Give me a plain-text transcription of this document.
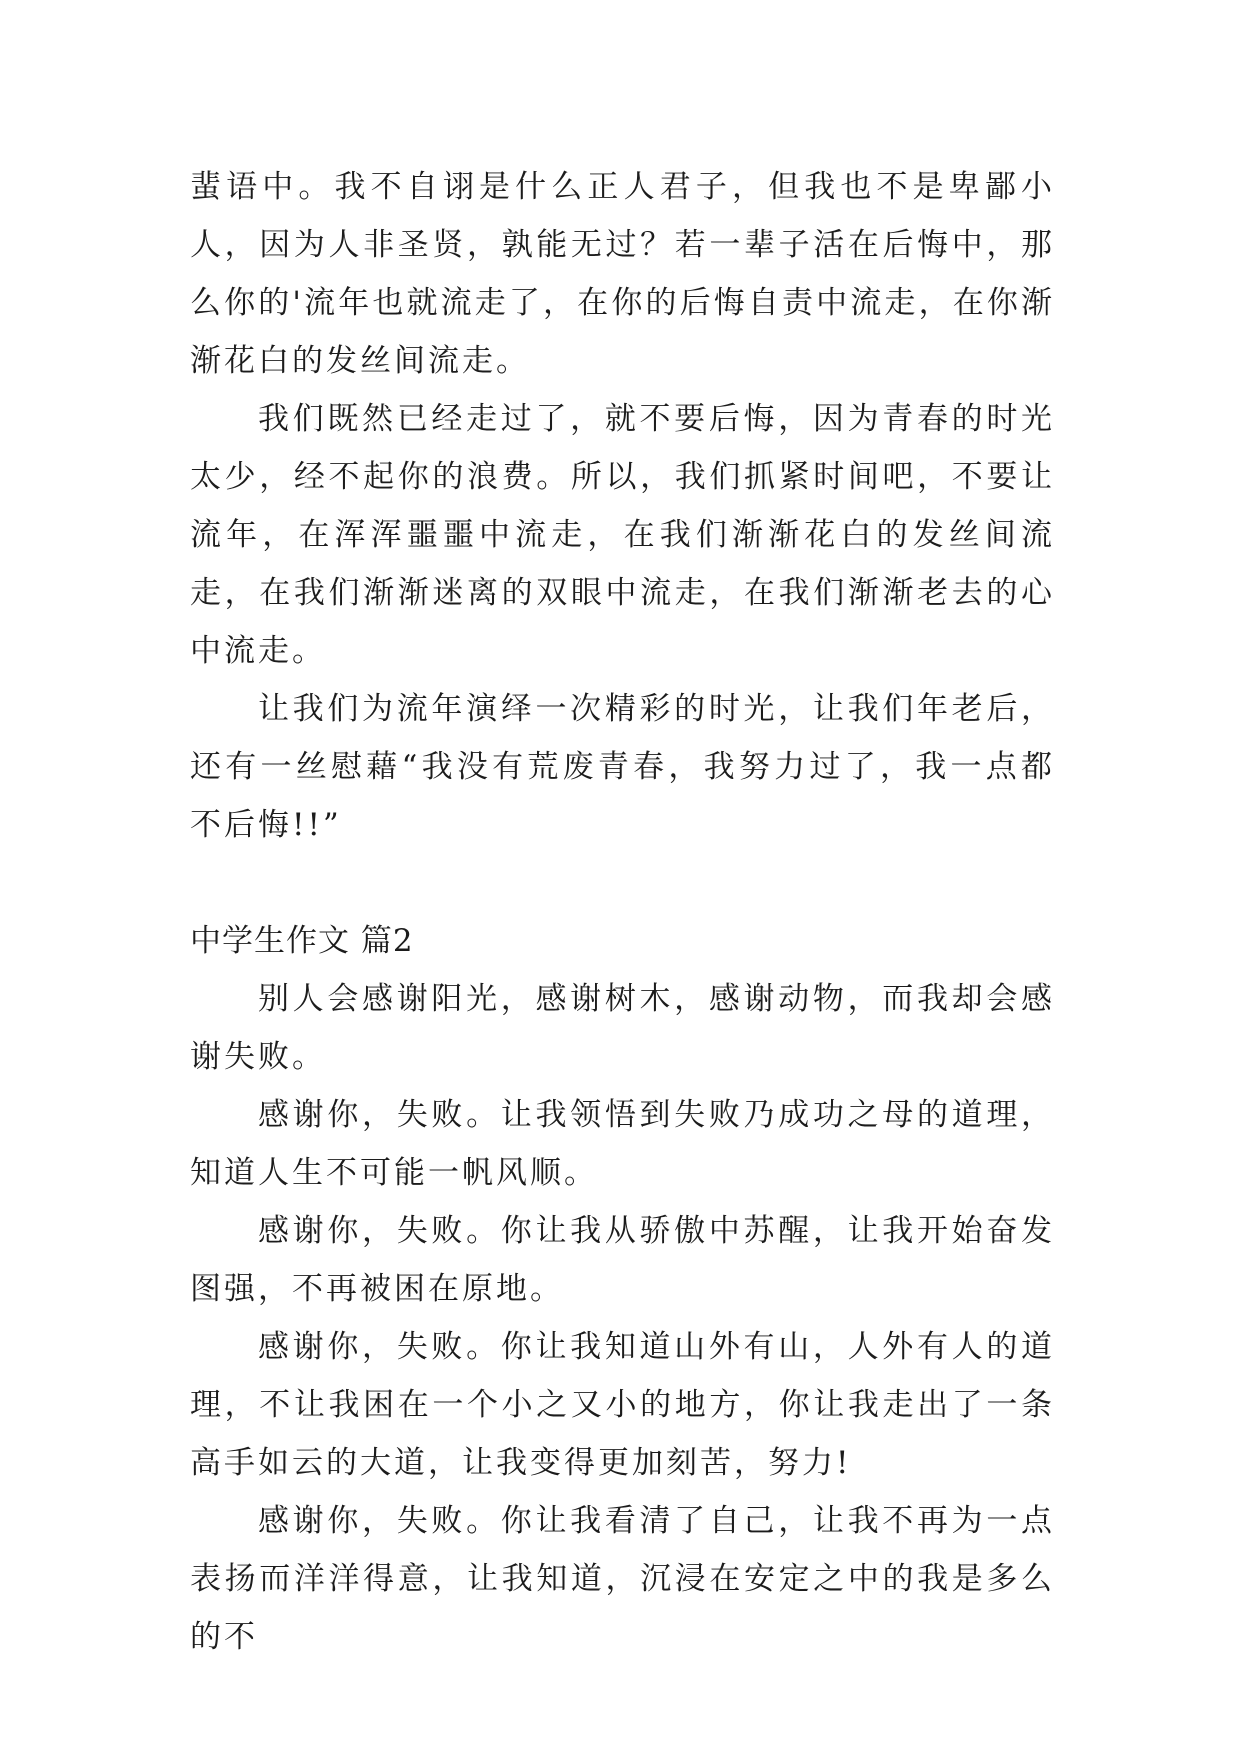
蜚语中。我不自诩是什么正人君子，但我也不是卑鄙小人，因为人非圣贤，孰能无过？若一辈子活在后悔中，那么你的'流年也就流走了，在你的后悔自责中流走，在你渐渐花白的发丝间流走。

我们既然已经走过了，就不要后悔，因为青春的时光太少，经不起你的浪费。所以，我们抓紧时间吧，不要让流年，在浑浑噩噩中流走，在我们渐渐花白的发丝间流走，在我们渐渐迷离的双眼中流走，在我们渐渐老去的心中流走。

让我们为流年演绎一次精彩的时光，让我们年老后，还有一丝慰藉“我没有荒废青春，我努力过了，我一点都不后悔!!”

中学生作文 篇2

别人会感谢阳光，感谢树木，感谢动物，而我却会感谢失败。

感谢你，失败。让我领悟到失败乃成功之母的道理，知道人生不可能一帆风顺。

感谢你，失败。你让我从骄傲中苏醒，让我开始奋发图强，不再被困在原地。

感谢你，失败。你让我知道山外有山，人外有人的道理，不让我困在一个小之又小的地方，你让我走出了一条高手如云的大道，让我变得更加刻苦，努力!

感谢你，失败。你让我看清了自己，让我不再为一点表扬而洋洋得意，让我知道，沉浸在安定之中的我是多么的不
